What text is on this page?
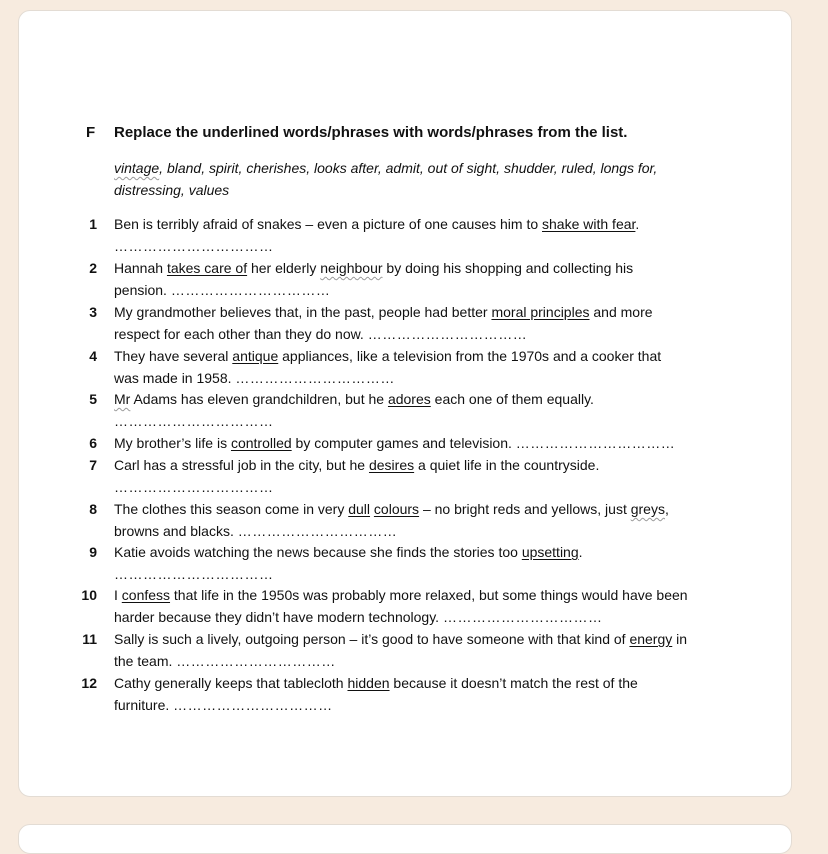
F Replace the underlined words/phrases with words/phrases from the list.
vintage, bland, spirit, cherishes, looks after, admit, out of sight, shudder, ruled, longs for,
distressing, values
1 Ben is terribly afraid of snakes – even a picture of one causes him to shake with fear.
……………………………
2 Hannah takes care of her elderly neighbour by doing his shopping and collecting his
pension. ……………………………
3 My grandmother believes that, in the past, people had better moral principles and more
respect for each other than they do now. ……………………………
4 They have several antique appliances, like a television from the 1970s and a cooker that
was made in 1958. ……………………………
5 Mr Adams has eleven grandchildren, but he adores each one of them equally.
……………………………
6 My brother’s life is controlled by computer games and television. ……………………………
7 Carl has a stressful job in the city, but he desires a quiet life in the countryside.
……………………………
8 The clothes this season come in very dull colours – no bright reds and yellows, just greys,
browns and blacks. ……………………………
9 Katie avoids watching the news because she finds the stories too upsetting.
……………………………
10 I confess that life in the 1950s was probably more relaxed, but some things would have been
harder because they didn’t have modern technology. ……………………………
11 Sally is such a lively, outgoing person – it’s good to have someone with that kind of energy in
the team. ……………………………
12 Cathy generally keeps that tablecloth hidden because it doesn’t match the rest of the
furniture. ……………………………
